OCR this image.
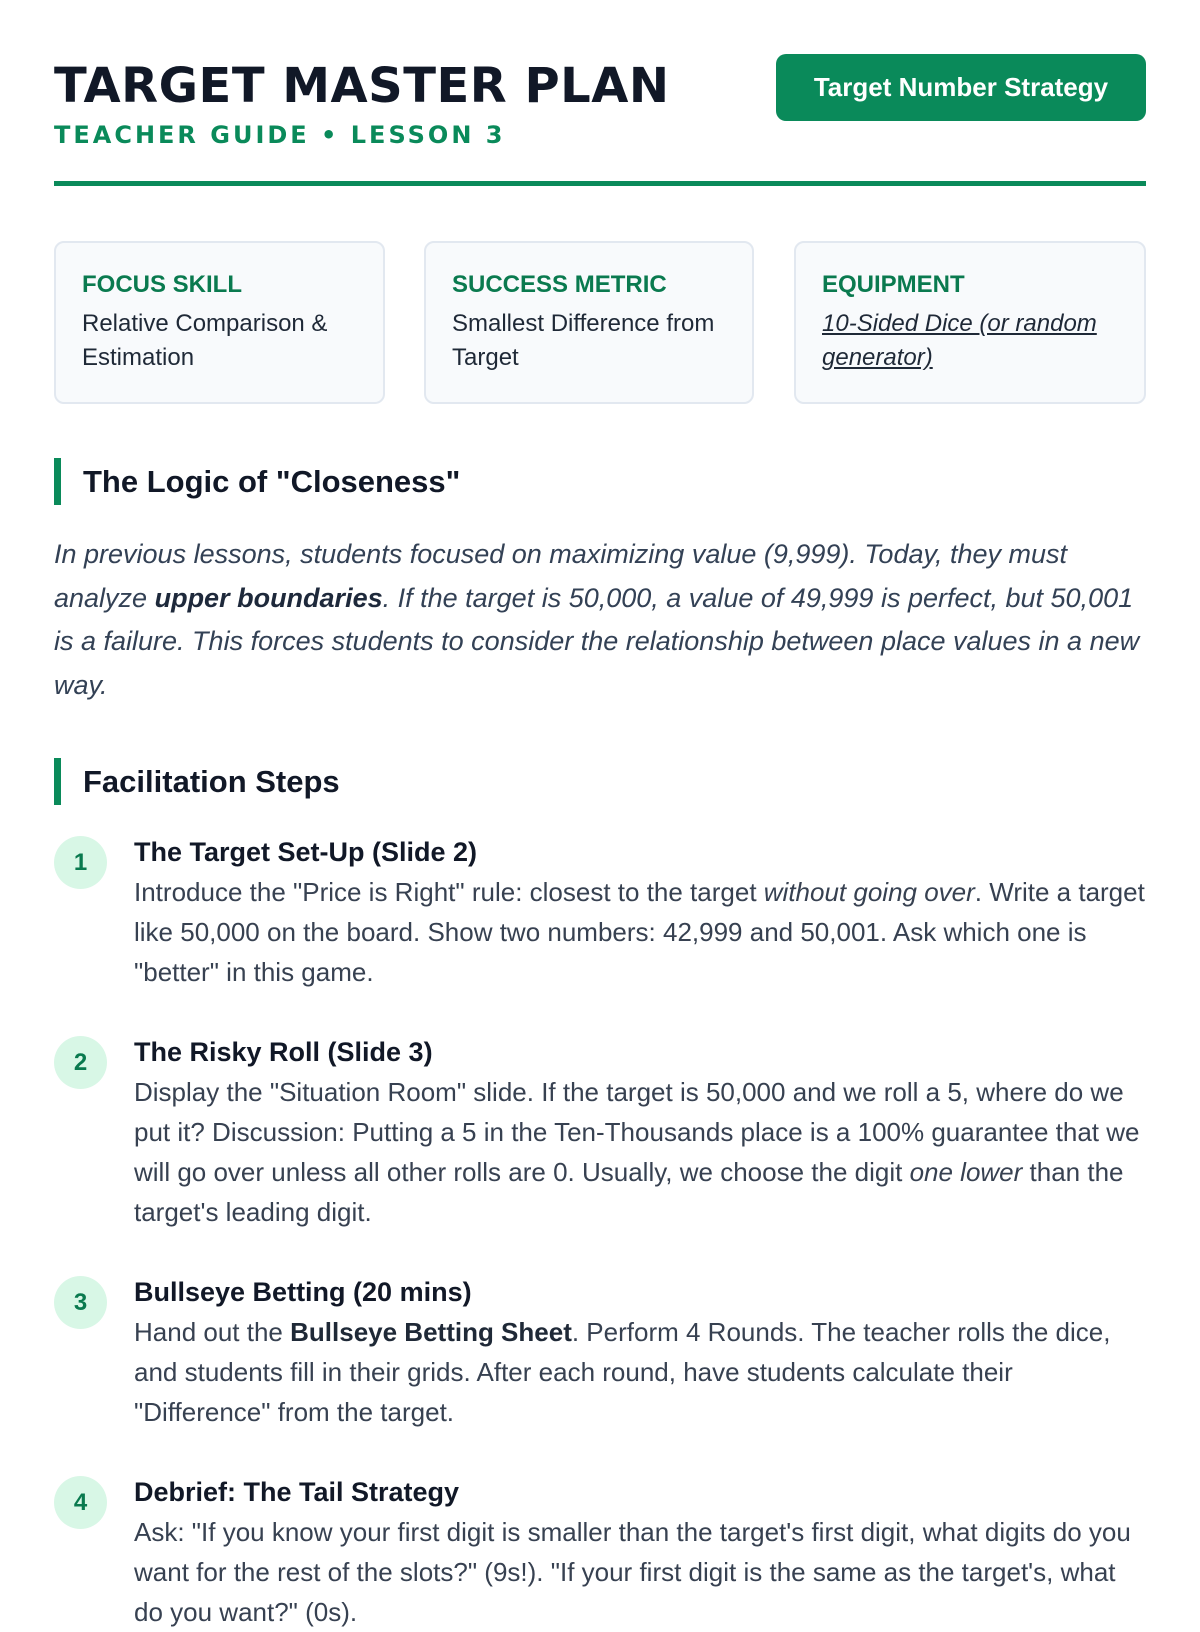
TARGET MASTER PLAN
TEACHER GUIDE • LESSON 3
Target Number Strategy
FOCUS SKILL
Relative Comparison & Estimation
SUCCESS METRIC
Smallest Difference from Target
EQUIPMENT
10-Sided Dice (or random generator)
The Logic of "Closeness"
In previous lessons, students focused on maximizing value (9,999). Today, they must analyze upper boundaries. If the target is 50,000, a value of 49,999 is perfect, but 50,001 is a failure. This forces students to consider the relationship between place values in a new way.
Facilitation Steps
1	The Target Set-Up (Slide 2)
Introduce the "Price is Right" rule: closest to the target without going over. Write a target like 50,000 on the board. Show two numbers: 42,999 and 50,001. Ask which one is "better" in this game.
2	The Risky Roll (Slide 3)
Display the "Situation Room" slide. If the target is 50,000 and we roll a 5, where do we put it? Discussion: Putting a 5 in the Ten-Thousands place is a 100% guarantee that we will go over unless all other rolls are 0. Usually, we choose the digit one lower than the target's leading digit.
3	Bullseye Betting (20 mins)
Hand out the Bullseye Betting Sheet. Perform 4 Rounds. The teacher rolls the dice, and students fill in their grids. After each round, have students calculate their "Difference" from the target.
4	Debrief: The Tail Strategy
Ask: "If you know your first digit is smaller than the target's first digit, what digits do you want for the rest of the slots?" (9s!). "If your first digit is the same as the target's, what do you want?" (0s).
